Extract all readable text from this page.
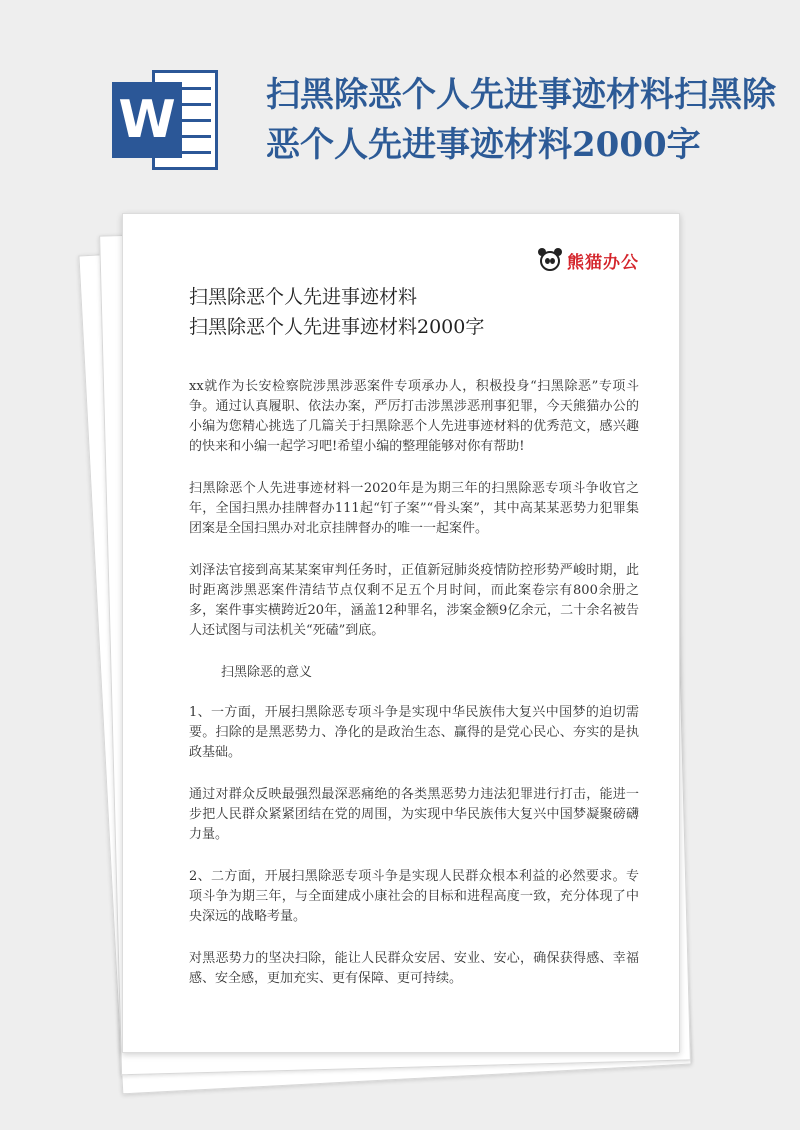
W	扫黑除恶个人先进事迹材料扫黑除恶个人先进事迹材料2000字
熊猫办公
扫黑除恶个人先进事迹材料
扫黑除恶个人先进事迹材料2000字

xx就作为长安检察院涉黑涉恶案件专项承办人，积极投身“扫黑除恶”专项斗争。通过认真履职、依法办案，严厉打击涉黑涉恶刑事犯罪，今天熊猫办公的小编为您精心挑选了几篇关于扫黑除恶个人先进事迹材料的优秀范文，感兴趣的快来和小编一起学习吧!希望小编的整理能够对你有帮助!

扫黑除恶个人先进事迹材料一2020年是为期三年的扫黑除恶专项斗争收官之年，全国扫黑办挂牌督办111起“钉子案”“骨头案”，其中高某某恶势力犯罪集团案是全国扫黑办对北京挂牌督办的唯一一起案件。

刘泽法官接到高某某案审判任务时，正值新冠肺炎疫情防控形势严峻时期，此时距离涉黑恶案件清结节点仅剩不足五个月时间，而此案卷宗有800余册之多，案件事实横跨近20年，涵盖12种罪名，涉案金额9亿余元，二十余名被告人还试图与司法机关“死磕”到底。

扫黑除恶的意义

1、一方面，开展扫黑除恶专项斗争是实现中华民族伟大复兴中国梦的迫切需要。扫除的是黑恶势力、净化的是政治生态、赢得的是党心民心、夯实的是执政基础。

通过对群众反映最强烈最深恶痛绝的各类黑恶势力违法犯罪进行打击，能进一步把人民群众紧紧团结在党的周围，为实现中华民族伟大复兴中国梦凝聚磅礴力量。

2、二方面，开展扫黑除恶专项斗争是实现人民群众根本利益的必然要求。专项斗争为期三年，与全面建成小康社会的目标和进程高度一致，充分体现了中央深远的战略考量。

对黑恶势力的坚决扫除，能让人民群众安居、安业、安心，确保获得感、幸福感、安全感，更加充实、更有保障、更可持续。
